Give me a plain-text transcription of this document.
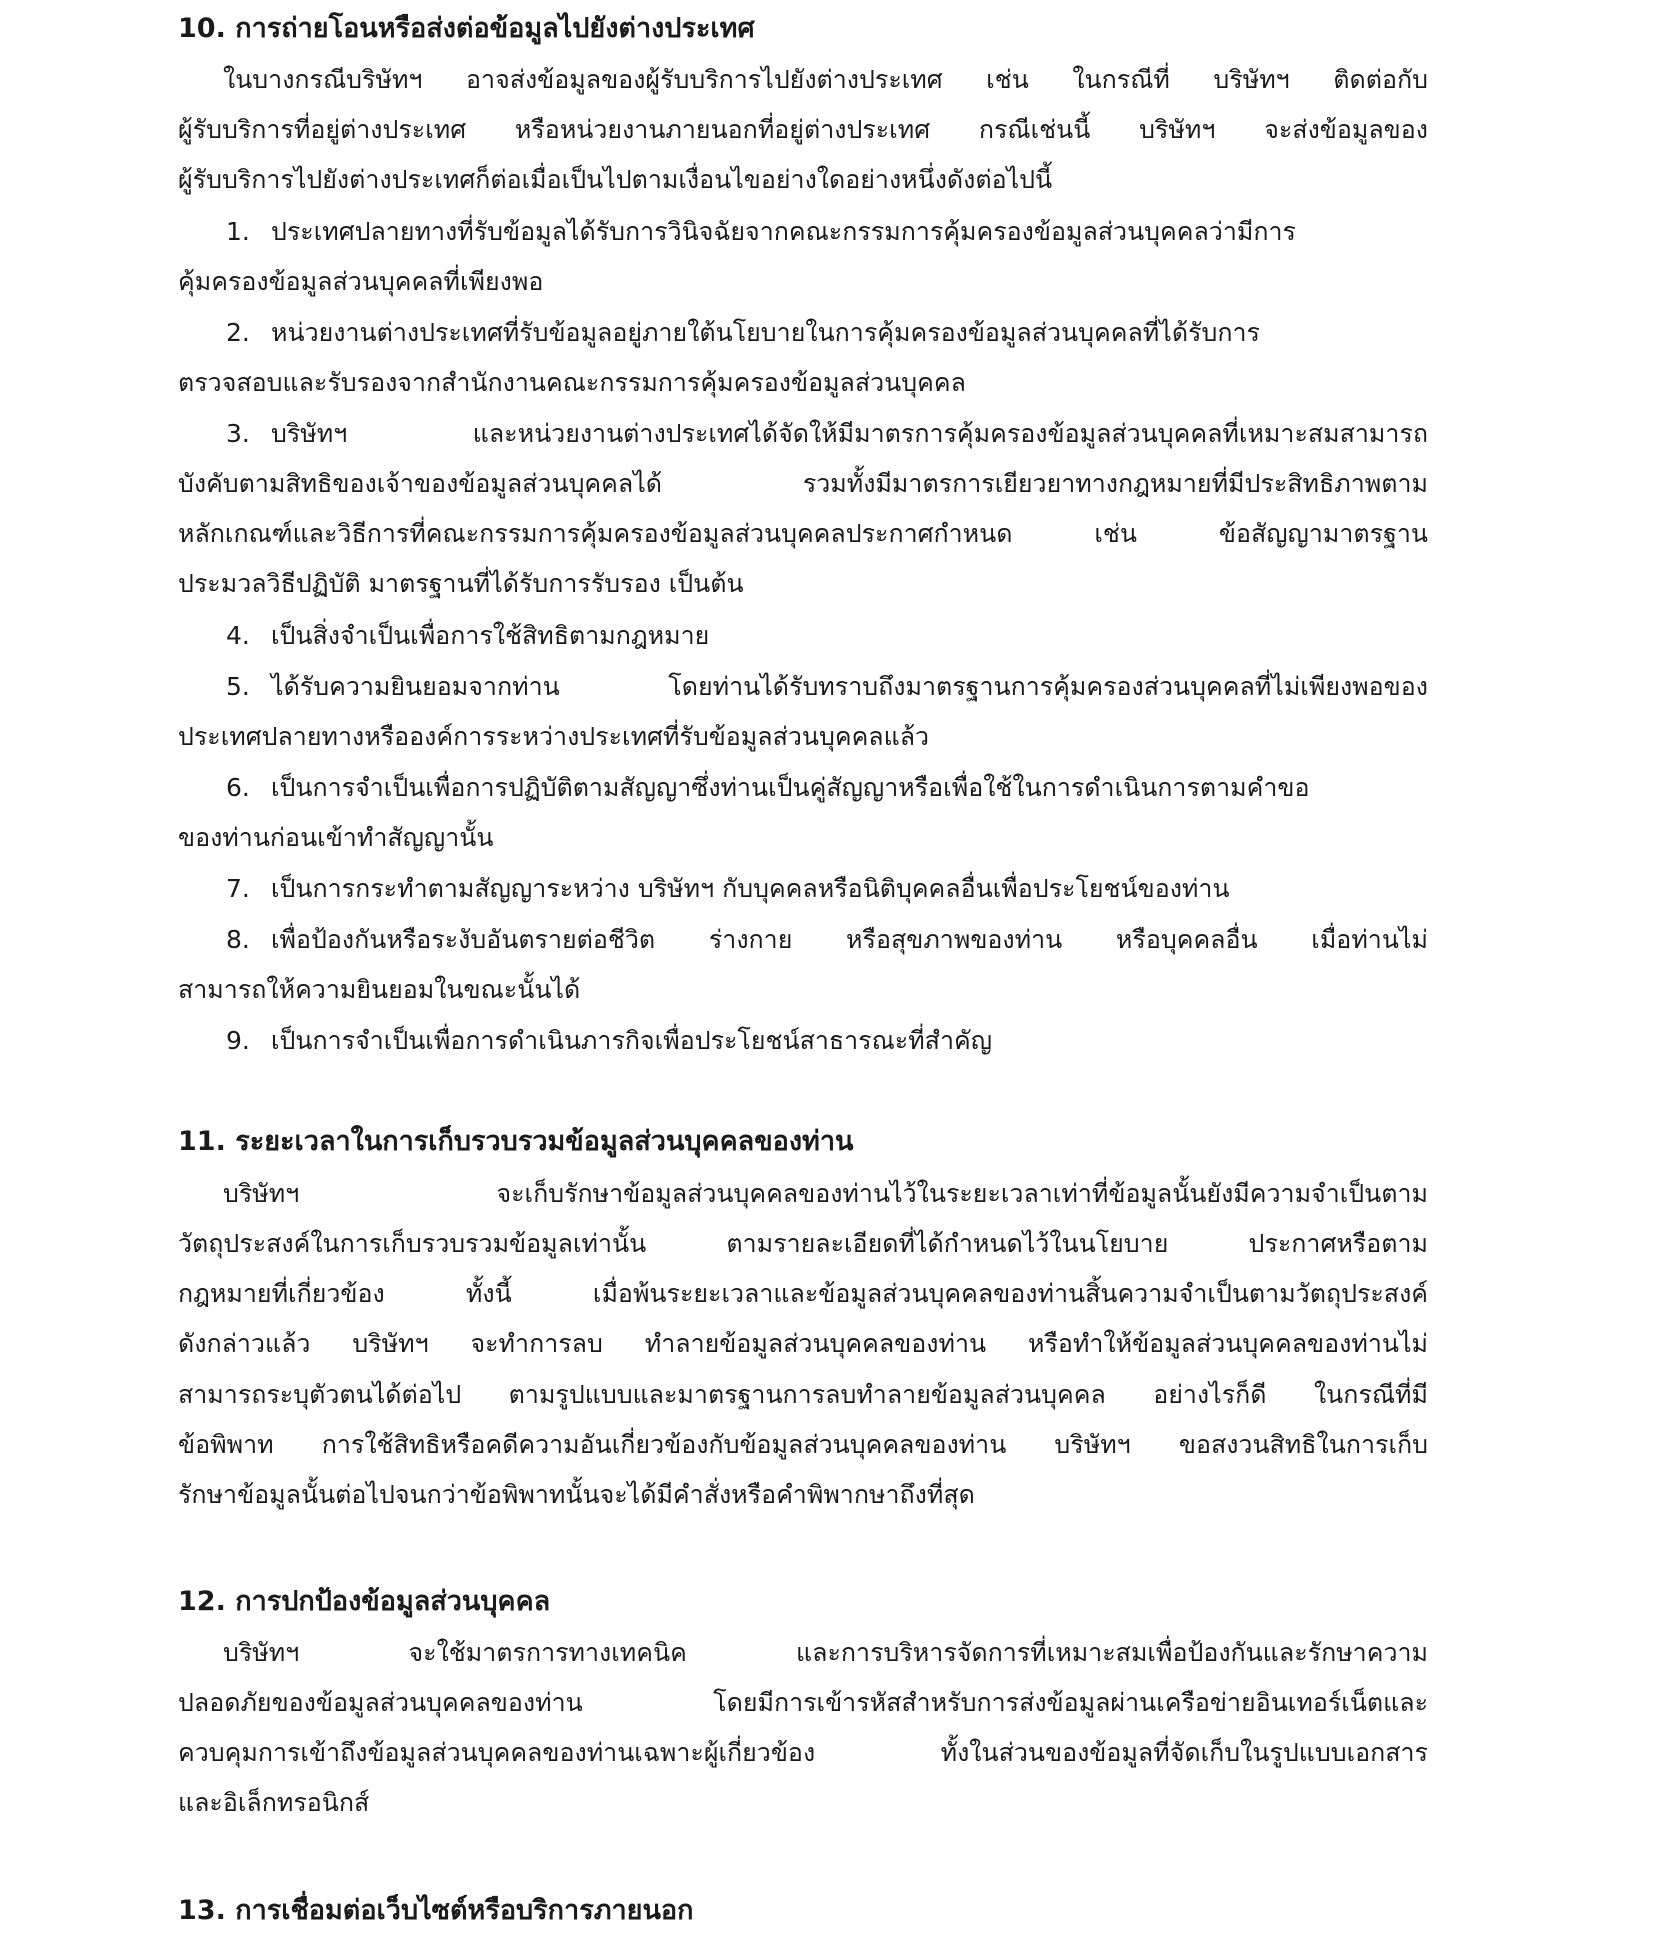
10. การถ่ายโอนหรือส่งต่อข้อมูลไปยังต่างประเทศ
ในบางกรณีบริษัทฯ อาจส่งข้อมูลของผู้รับบริการไปยังต่างประเทศ เช่น ในกรณีที่ บริษัทฯ ติดต่อกับ
ผู้รับบริการที่อยู่ต่างประเทศ หรือหน่วยงานภายนอกที่อยู่ต่างประเทศ กรณีเช่นนี้ บริษัทฯ จะส่งข้อมูลของ
ผู้รับบริการไปยังต่างประเทศก็ต่อเมื่อเป็นไปตามเงื่อนไขอย่างใดอย่างหนึ่งดังต่อไปนี้
1. ประเทศปลายทางที่รับข้อมูลได้รับการวินิจฉัยจากคณะกรรมการคุ้มครองข้อมูลส่วนบุคคลว่ามีการ
คุ้มครองข้อมูลส่วนบุคคลที่เพียงพอ
2. หน่วยงานต่างประเทศที่รับข้อมูลอยู่ภายใต้นโยบายในการคุ้มครองข้อมูลส่วนบุคคลที่ได้รับการ
ตรวจสอบและรับรองจากสำนักงานคณะกรรมการคุ้มครองข้อมูลส่วนบุคคล
3. บริษัทฯ และหน่วยงานต่างประเทศได้จัดให้มีมาตรการคุ้มครองข้อมูลส่วนบุคคลที่เหมาะสมสามารถ
บังคับตามสิทธิของเจ้าของข้อมูลส่วนบุคคลได้ รวมทั้งมีมาตรการเยียวยาทางกฎหมายที่มีประสิทธิภาพตาม
หลักเกณฑ์และวิธีการที่คณะกรรมการคุ้มครองข้อมูลส่วนบุคคลประกาศกำหนด เช่น ข้อสัญญามาตรฐาน
ประมวลวิธีปฏิบัติ มาตรฐานที่ได้รับการรับรอง เป็นต้น
4. เป็นสิ่งจำเป็นเพื่อการใช้สิทธิตามกฎหมาย
5. ได้รับความยินยอมจากท่าน โดยท่านได้รับทราบถึงมาตรฐานการคุ้มครองส่วนบุคคลที่ไม่เพียงพอของ
ประเทศปลายทางหรือองค์การระหว่างประเทศที่รับข้อมูลส่วนบุคคลแล้ว
6. เป็นการจำเป็นเพื่อการปฏิบัติตามสัญญาซึ่งท่านเป็นคู่สัญญาหรือเพื่อใช้ในการดำเนินการตามคำขอ
ของท่านก่อนเข้าทำสัญญานั้น
7. เป็นการกระทำตามสัญญาระหว่าง บริษัทฯ กับบุคคลหรือนิติบุคคลอื่นเพื่อประโยชน์ของท่าน
8. เพื่อป้องกันหรือระงับอันตรายต่อชีวิต ร่างกาย หรือสุขภาพของท่าน หรือบุคคลอื่น เมื่อท่านไม่
สามารถให้ความยินยอมในขณะนั้นได้
9. เป็นการจำเป็นเพื่อการดำเนินภารกิจเพื่อประโยชน์สาธารณะที่สำคัญ
11. ระยะเวลาในการเก็บรวบรวมข้อมูลส่วนบุคคลของท่าน
บริษัทฯ จะเก็บรักษาข้อมูลส่วนบุคคลของท่านไว้ในระยะเวลาเท่าที่ข้อมูลนั้นยังมีความจำเป็นตาม
วัตถุประสงค์ในการเก็บรวบรวมข้อมูลเท่านั้น ตามรายละเอียดที่ได้กำหนดไว้ในนโยบาย ประกาศหรือตาม
กฎหมายที่เกี่ยวข้อง ทั้งนี้ เมื่อพ้นระยะเวลาและข้อมูลส่วนบุคคลของท่านสิ้นความจำเป็นตามวัตถุประสงค์
ดังกล่าวแล้ว บริษัทฯ จะทำการลบ ทำลายข้อมูลส่วนบุคคลของท่าน หรือทำให้ข้อมูลส่วนบุคคลของท่านไม่
สามารถระบุตัวตนได้ต่อไป ตามรูปแบบและมาตรฐานการลบทำลายข้อมูลส่วนบุคคล อย่างไรก็ดี ในกรณีที่มี
ข้อพิพาท การใช้สิทธิหรือคดีความอันเกี่ยวข้องกับข้อมูลส่วนบุคคลของท่าน บริษัทฯ ขอสงวนสิทธิในการเก็บ
รักษาข้อมูลนั้นต่อไปจนกว่าข้อพิพาทนั้นจะได้มีคำสั่งหรือคำพิพากษาถึงที่สุด
12. การปกป้องข้อมูลส่วนบุคคล
บริษัทฯ จะใช้มาตรการทางเทคนิค และการบริหารจัดการที่เหมาะสมเพื่อป้องกันและรักษาความ
ปลอดภัยของข้อมูลส่วนบุคคลของท่าน โดยมีการเข้ารหัสสำหรับการส่งข้อมูลผ่านเครือข่ายอินเทอร์เน็ตและ
ควบคุมการเข้าถึงข้อมูลส่วนบุคคลของท่านเฉพาะผู้เกี่ยวข้อง ทั้งในส่วนของข้อมูลที่จัดเก็บในรูปแบบเอกสาร
และอิเล็กทรอนิกส์
13. การเชื่อมต่อเว็บไซต์หรือบริการภายนอก
